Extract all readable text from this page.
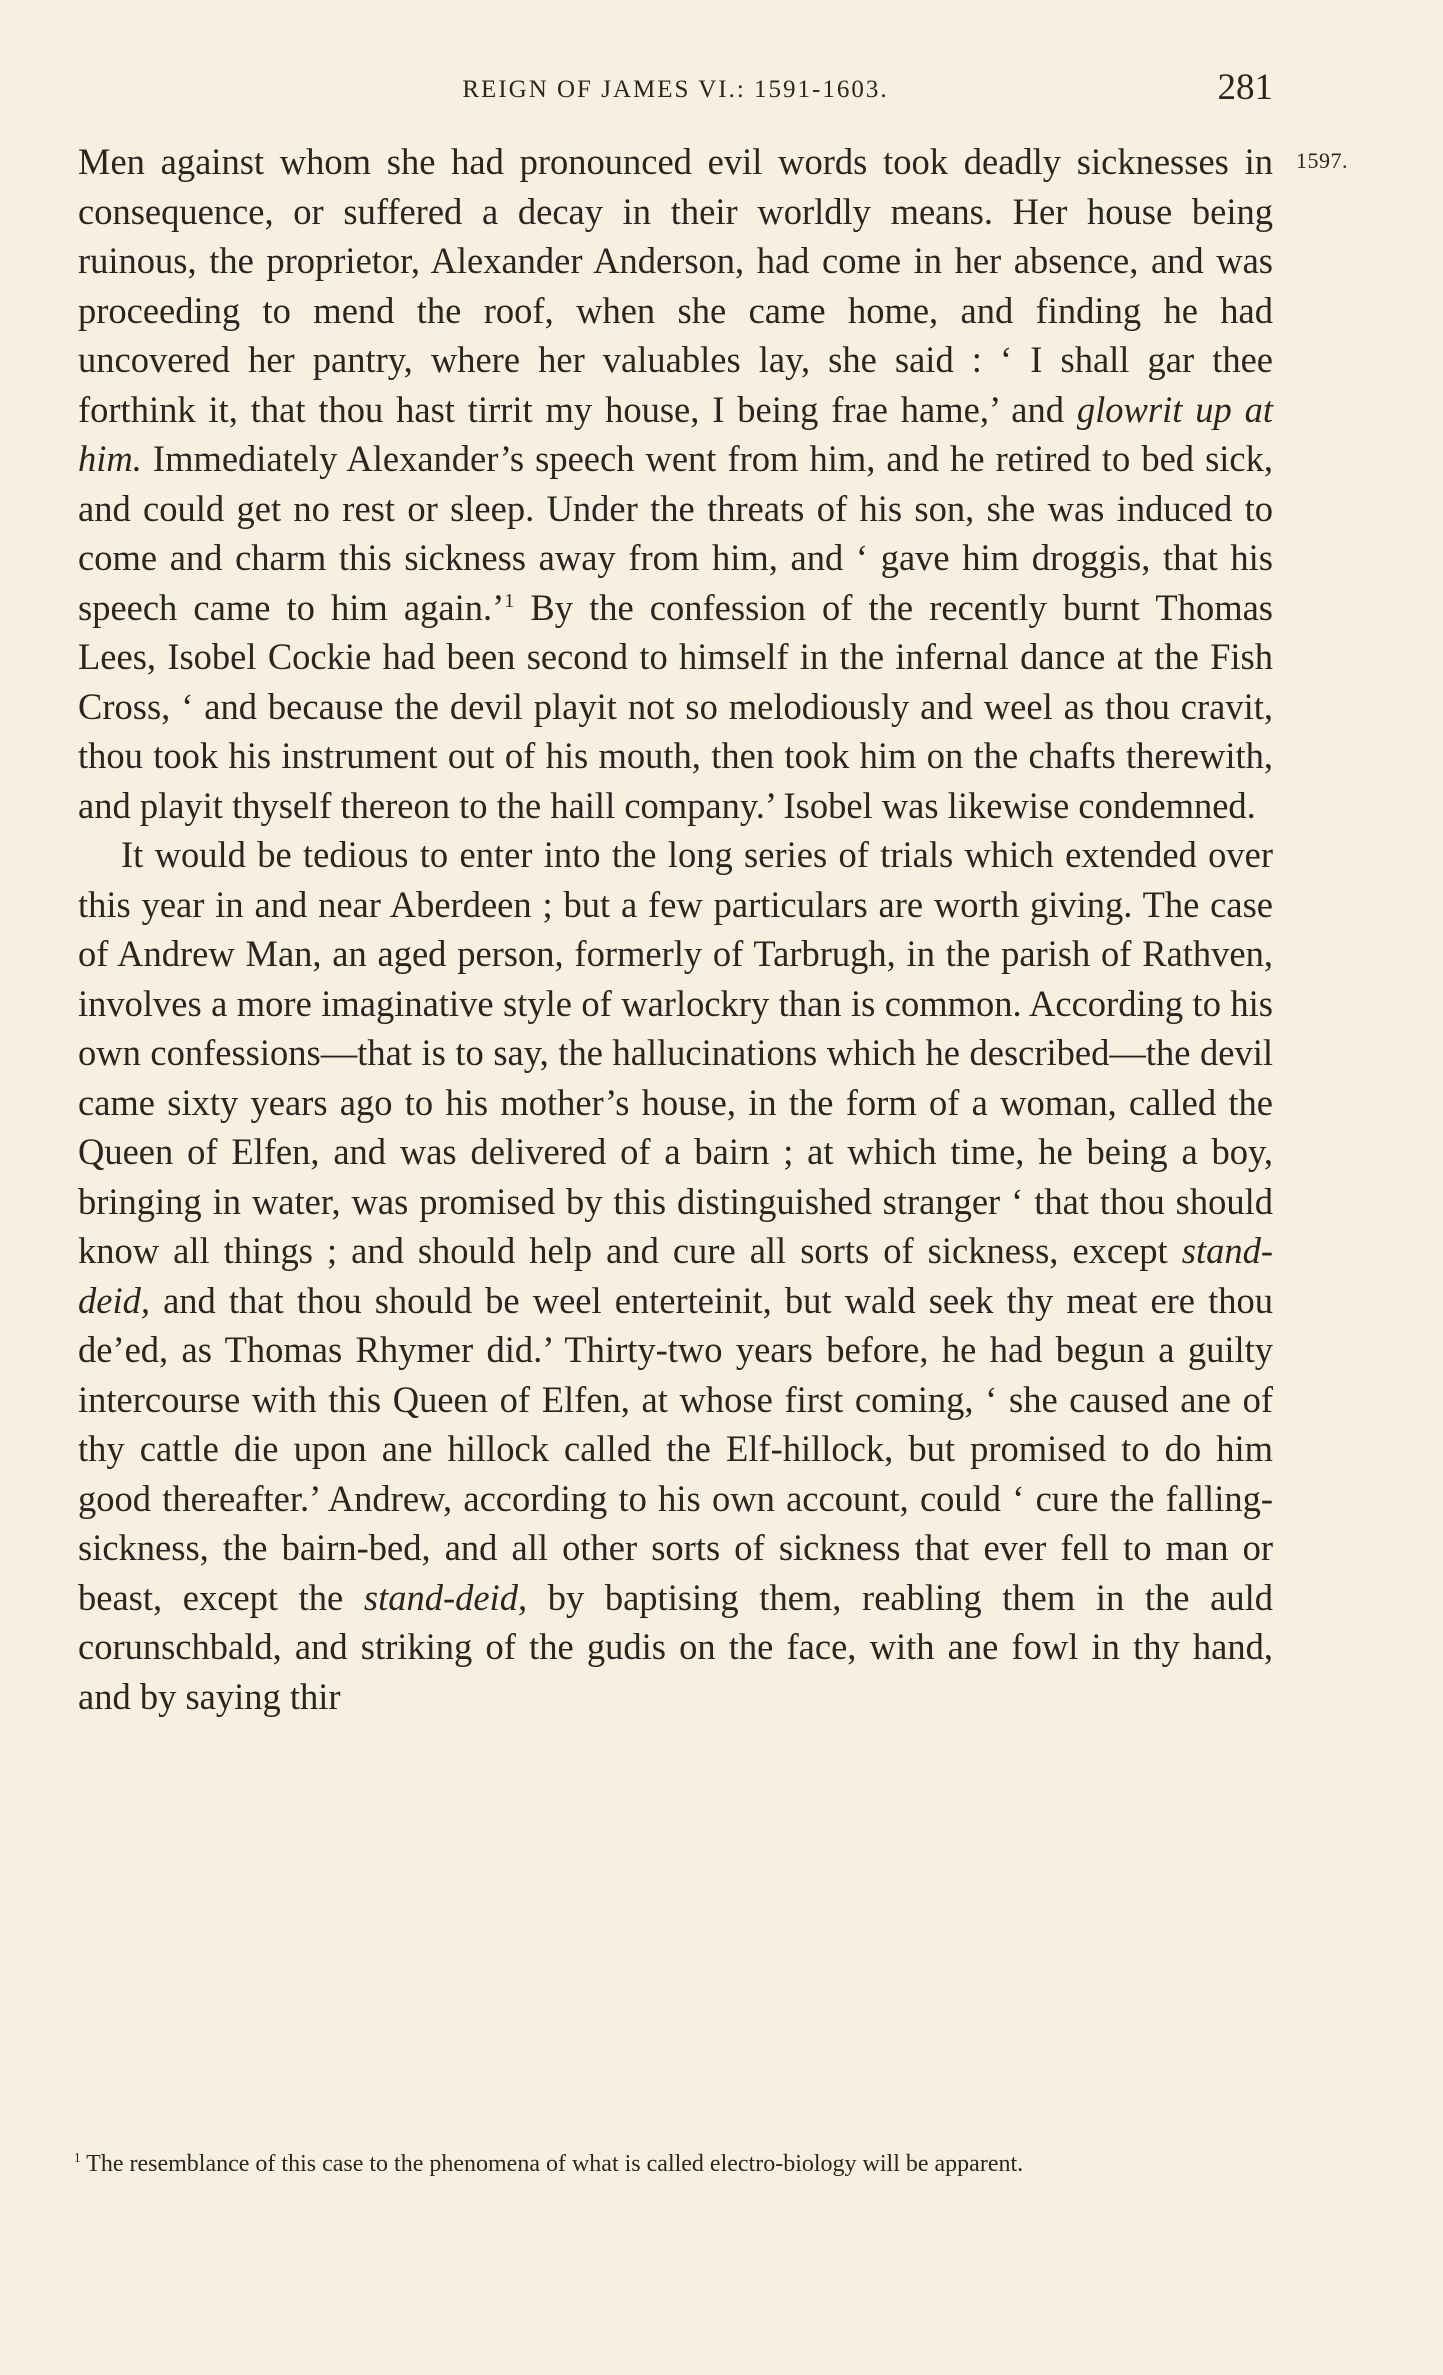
REIGN OF JAMES VI.: 1591-1603.	281
1597.

Men against whom she had pronounced evil words took deadly sicknesses in consequence, or suffered a decay in their worldly means. Her house being ruinous, the proprietor, Alexander Anderson, had come in her absence, and was proceeding to mend the roof, when she came home, and finding he had uncovered her pantry, where her valuables lay, she said : ‘ I shall gar thee forthink it, that thou hast tirrit my house, I being frae hame,’ and glowrit up at him. Immediately Alexander’s speech went from him, and he retired to bed sick, and could get no rest or sleep. Under the threats of his son, she was induced to come and charm this sickness away from him, and ‘ gave him droggis, that his speech came to him again.’$^1$ By the confession of the recently burnt Thomas Lees, Isobel Cockie had been second to himself in the infernal dance at the Fish Cross, ‘ and because the devil playit not so melodiously and weel as thou cravit, thou took his instrument out of his mouth, then took him on the chafts therewith, and playit thyself thereon to the haill company.’ Isobel was likewise condemned.

It would be tedious to enter into the long series of trials which extended over this year in and near Aberdeen ; but a few particulars are worth giving. The case of Andrew Man, an aged person, formerly of Tarbrugh, in the parish of Rathven, involves a more imaginative style of warlockry than is common. According to his own confessions—that is to say, the hallucinations which he described—the devil came sixty years ago to his mother’s house, in the form of a woman, called the Queen of Elfen, and was delivered of a bairn ; at which time, he being a boy, bringing in water, was promised by this distinguished stranger ‘ that thou should know all things ; and should help and cure all sorts of sickness, except stand-deid, and that thou should be weel enterteinit, but wald seek thy meat ere thou de’ed, as Thomas Rhymer did.’ Thirty-two years before, he had begun a guilty intercourse with this Queen of Elfen, at whose first coming, ‘ she caused ane of thy cattle die upon ane hillock called the Elf-hillock, but promised to do him good thereafter.’ Andrew, according to his own account, could ‘ cure the falling-sickness, the bairn-bed, and all other sorts of sickness that ever fell to man or beast, except the stand-deid, by baptising them, reabling them in the auld corunschbald, and striking of the gudis on the face, with ane fowl in thy hand, and by saying thir

$^1$ The resemblance of this case to the phenomena of what is called electro-biology will be apparent.
